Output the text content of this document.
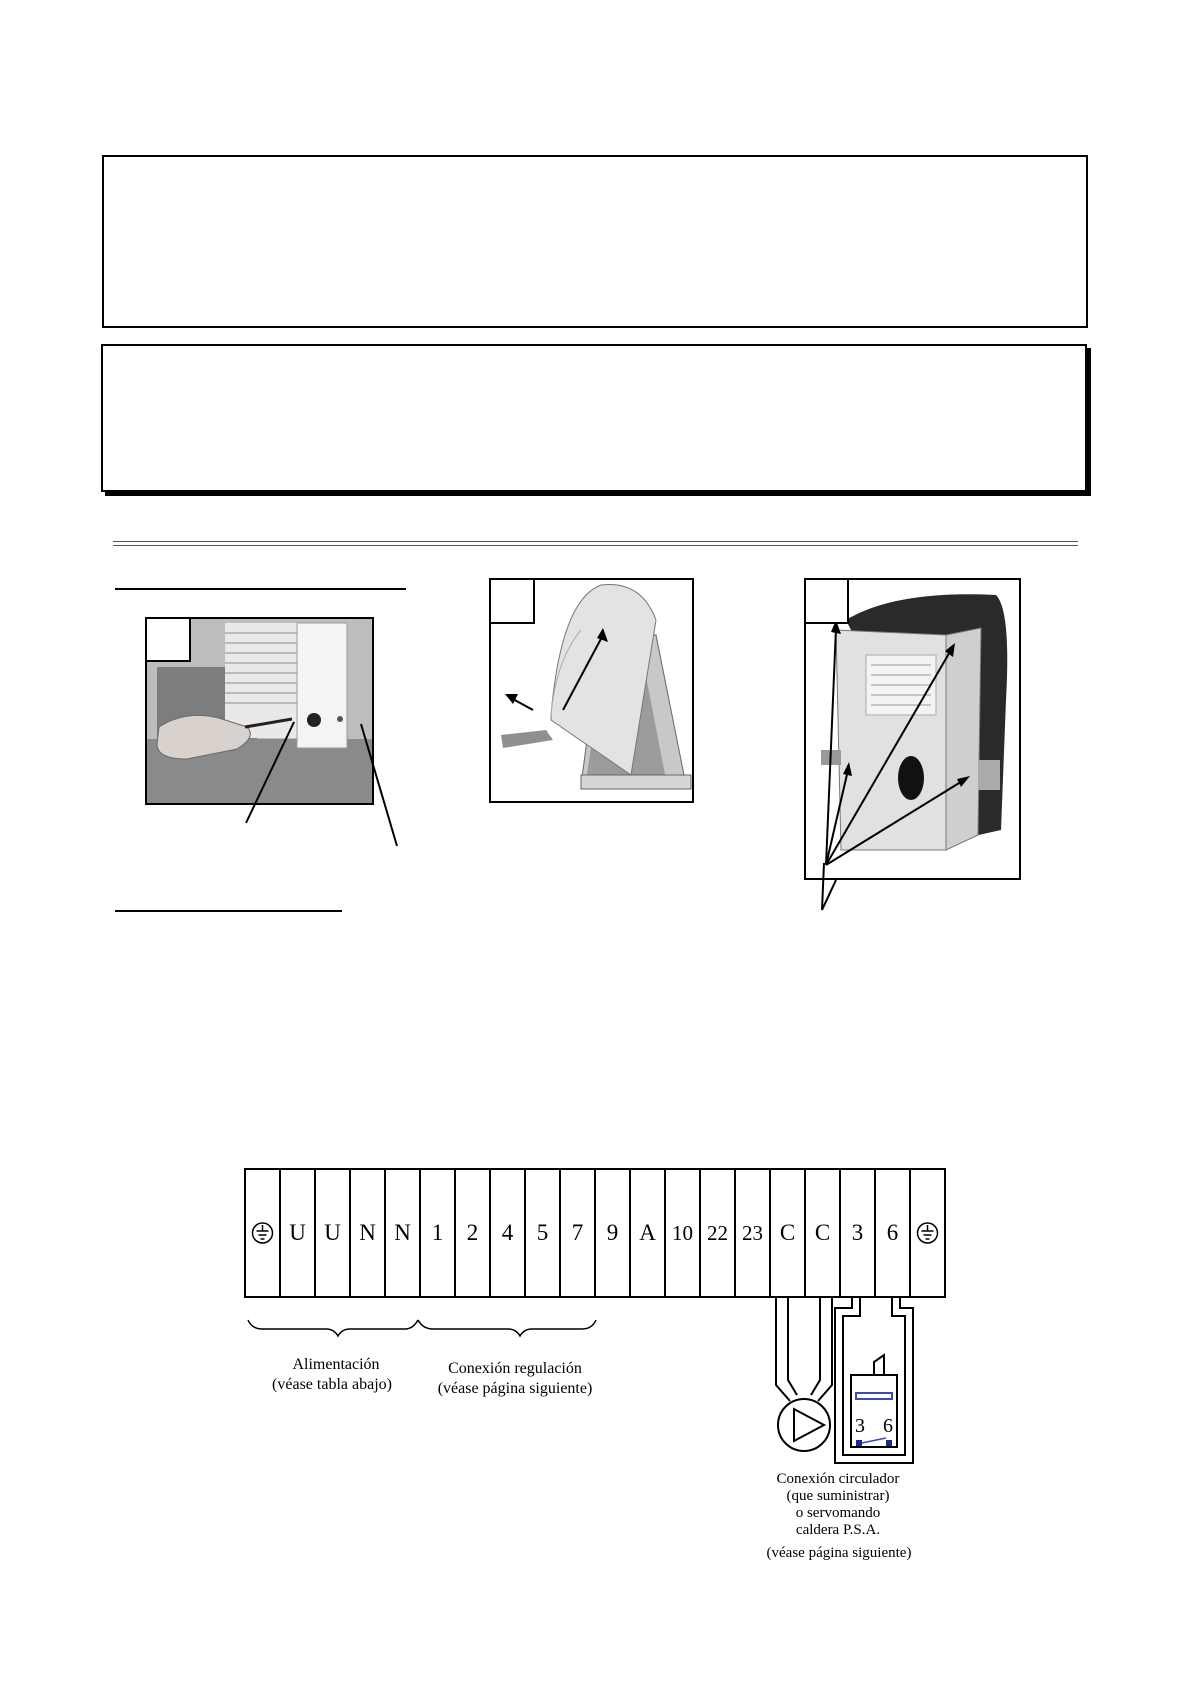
U U N N 1 2 4 5 7 9 A 10 22 23 C C 3 6
Alimentación
(véase tabla abajo)
Conexión regulación
(véase página siguiente)
3 6
Conexión circulador
(que suministrar)
o servomando
caldera P.S.A.
(véase página siguiente)
